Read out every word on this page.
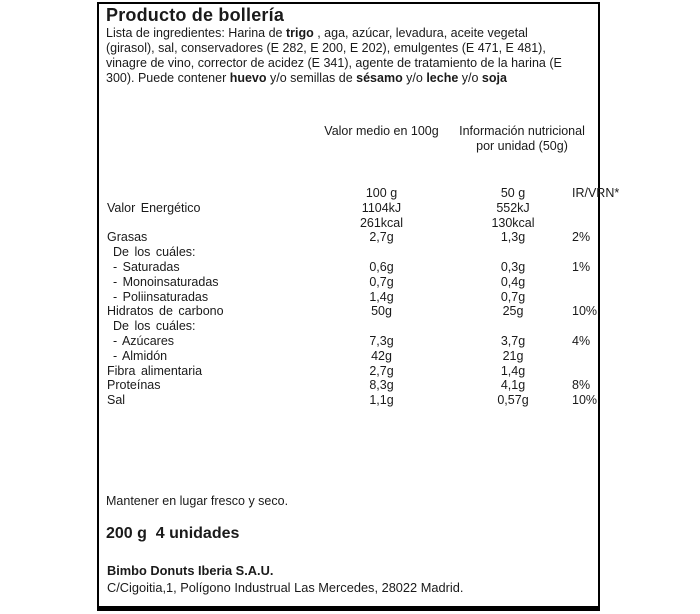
Producto de bollería
Lista de ingredientes: Harina de trigo , aga, azúcar, levadura, aceite vegetal
(girasol), sal, conservadores (E 282, E 200, E 202), emulgentes (E 471, E 481),
vinagre de vino, corrector de acidez (E 341), agente de tratamiento de la harina (E
300). Puede contener huevo y/o semillas de sésamo y/o leche y/o soja
Valor medio en 100g	Información nutricional
por unidad (50g)
100 g	50 g	IR/VRN*
Valor Energético	1104kJ	552kJ
261kcal	130kcal
Grasas	2,7g	1,3g	2%
De los cuáles:
- Saturadas	0,6g	0,3g	1%
- Monoinsaturadas	0,7g	0,4g
- Poliinsaturadas	1,4g	0,7g
Hidratos de carbono	50g	25g	10%
De los cuáles:
- Azúcares	7,3g	3,7g	4%
- Almidón	42g	21g
Fibra alimentaria	2,7g	1,4g
Proteínas	8,3g	4,1g	8%
Sal	1,1g	0,57g	10%
Mantener en lugar fresco y seco.
200 g  4 unidades
Bimbo Donuts Iberia S.A.U.
C/Cigoitia,1, Polígono Industrual Las Mercedes, 28022 Madrid.
